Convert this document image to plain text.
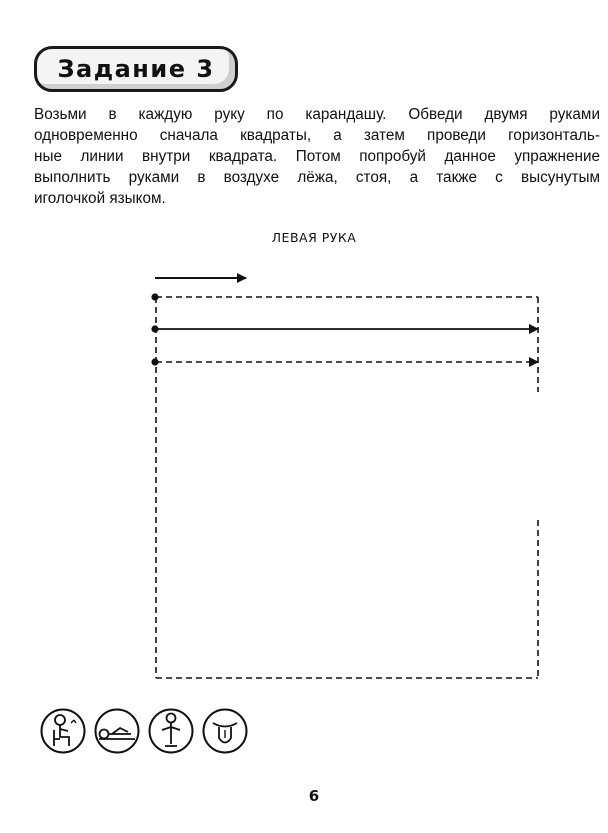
Задание 3
Возьми в каждую руку по карандашу. Обведи двумя руками
одновременно сначала квадраты, а затем проведи горизонталь-
ные линии внутри квадрата. Потом попробуй данное упражнение
выполнить руками в воздухе лёжа, стоя, а также с высунутым
иголочкой языком.
ЛЕВАЯ РУКА
6
